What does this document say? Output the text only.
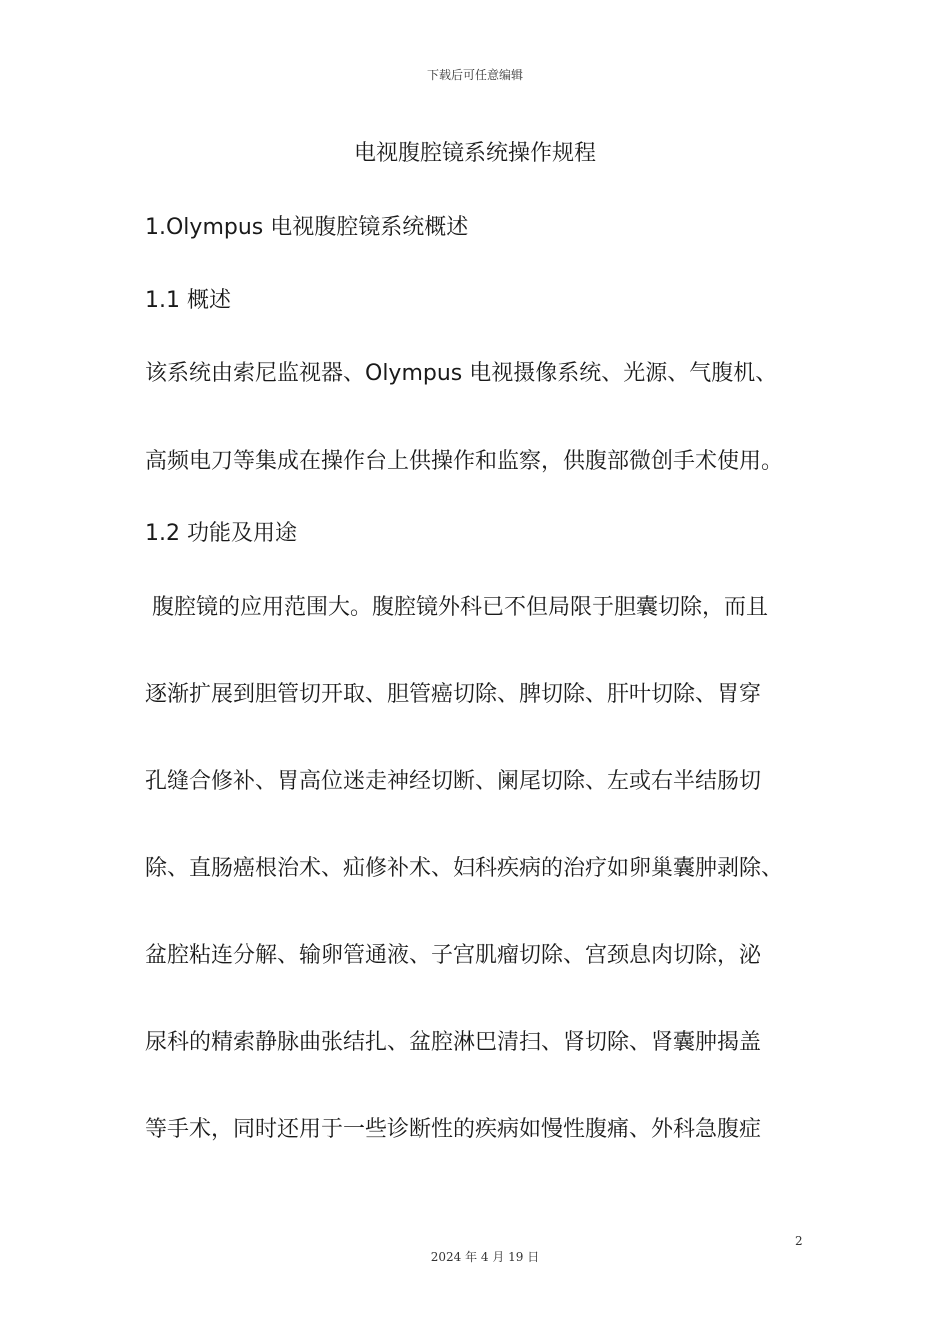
下载后可任意编辑
电视腹腔镜系统操作规程
1.Olympus 电视腹腔镜系统概述
1.1 概述
该系统由索尼监视器、Olympus 电视摄像系统、光源、气腹机、
高频电刀等集成在操作台上供操作和监察，供腹部微创手术使用。
1.2 功能及用途
腹腔镜的应用范围大。腹腔镜外科已不但局限于胆囊切除，而且
逐渐扩展到胆管切开取、胆管癌切除、脾切除、肝叶切除、胃穿
孔缝合修补、胃高位迷走神经切断、阑尾切除、左或右半结肠切
除、直肠癌根治术、疝修补术、妇科疾病的治疗如卵巢囊肿剥除、
盆腔粘连分解、输卵管通液、子宫肌瘤切除、宫颈息肉切除，泌
尿科的精索静脉曲张结扎、盆腔淋巴清扫、肾切除、肾囊肿揭盖
等手术，同时还用于一些诊断性的疾病如慢性腹痛、外科急腹症
2
2024 年 4 月 19 日
